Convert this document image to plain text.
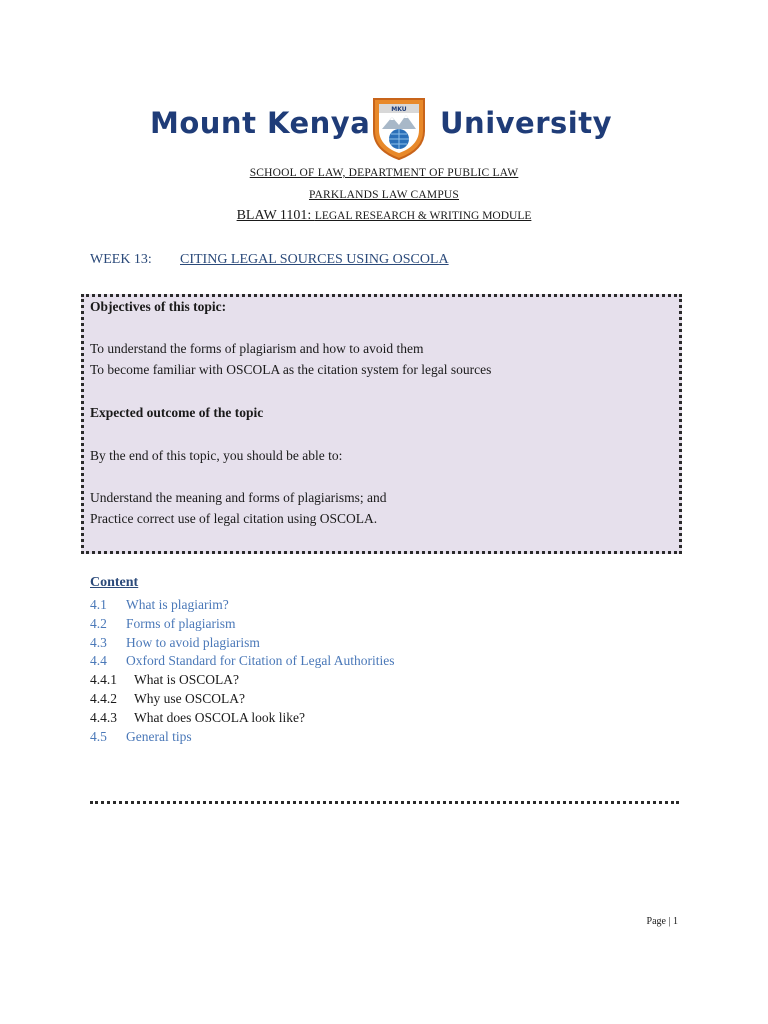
Mount Kenya	MKU University
SCHOOL OF LAW, DEPARTMENT OF PUBLIC LAW
PARKLANDS LAW CAMPUS
BLAW 1101: LEGAL RESEARCH & WRITING MODULE
WEEK 13: CITING LEGAL SOURCES USING OSCOLA
Objectives of this topic:
To understand the forms of plagiarism and how to avoid them
To become familiar with OSCOLA as the citation system for legal sources
Expected outcome of the topic
By the end of this topic, you should be able to:
Understand the meaning and forms of plagiarisms; and
Practice correct use of legal citation using OSCOLA.
Content
4.1 What is plagiarim?
4.2 Forms of plagiarism
4.3 How to avoid plagiarism
4.4 Oxford Standard for Citation of Legal Authorities
4.4.1 What is OSCOLA?
4.4.2 Why use OSCOLA?
4.4.3 What does OSCOLA look like?
4.5 General tips
Page | 1
